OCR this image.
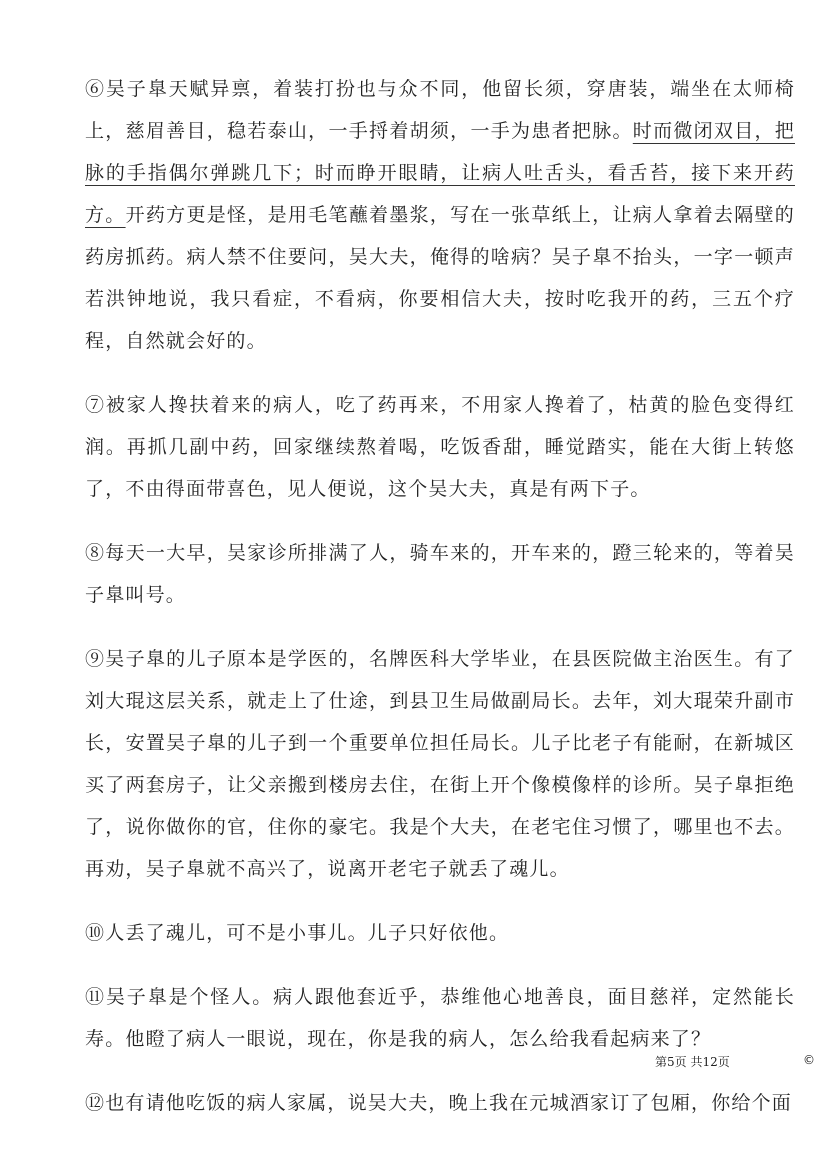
⑥吴子臯天赋异禀，着装打扮也与众不同，他留长须，穿唐装，端坐在太师椅上，慈眉善目，稳若泰山，一手捋着胡须，一手为患者把脉。时而微闭双目，把脉的手指偶尔弹跳几下；时而睁开眼睛，让病人吐舌头，看舌苔，接下来开药方。开药方更是怪，是用毛笔蘸着墨浆，写在一张草纸上，让病人拿着去隔壁的药房抓药。病人禁不住要问，吴大夫，俺得的啥病？吴子臯不抬头，一字一顿声若洪钟地说，我只看症，不看病，你要相信大夫，按时吃我开的药，三五个疗程，自然就会好的。

⑦被家人搀扶着来的病人，吃了药再来，不用家人搀着了，枯黄的脸色变得红润。再抓几副中药，回家继续熬着喝，吃饭香甜，睡觉踏实，能在大街上转悠了，不由得面带喜色，见人便说，这个吴大夫，真是有两下子。

⑧每天一大早，吴家诊所排满了人，骑车来的，开车来的，蹬三轮来的，等着吴子臯叫号。

⑨吴子臯的儿子原本是学医的，名牌医科大学毕业，在县医院做主治医生。有了刘大琨这层关系，就走上了仕途，到县卫生局做副局长。去年，刘大琨荣升副市长，安置吴子臯的儿子到一个重要单位担任局长。儿子比老子有能耐，在新城区买了两套房子，让父亲搬到楼房去住，在街上开个像模像样的诊所。吴子臯拒绝了，说你做你的官，住你的豪宅。我是个大夫，在老宅住习惯了，哪里也不去。再劝，吴子臯就不高兴了，说离开老宅子就丢了魂儿。

⑩人丢了魂儿，可不是小事儿。儿子只好依他。

⑪吴子臯是个怪人。病人跟他套近乎，恭维他心地善良，面目慈祥，定然能长寿。他瞪了病人一眼说，现在，你是我的病人，怎么给我看起病来了？

⑫也有请他吃饭的病人家属，说吴大夫，晚上我在元城酒家订了包厢，你给个面

第5页 共12页	©
